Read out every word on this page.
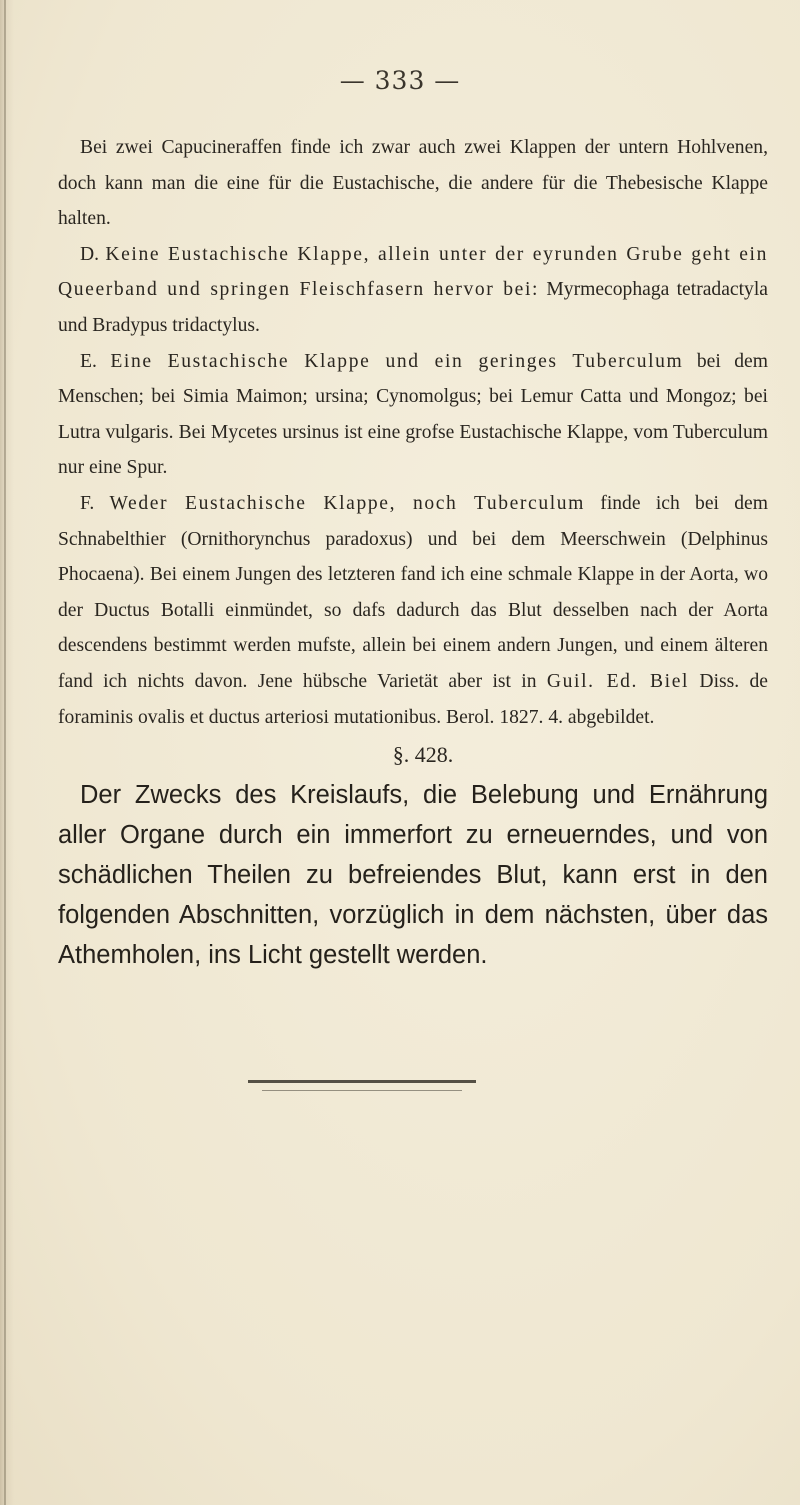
— 333 —

Bei zwei Capucineraffen finde ich zwar auch zwei Klappen der untern Hohlvenen, doch kann man die eine für die Eustachische, die andere für die Thebesische Klappe halten.

D. Keine Eustachische Klappe, allein unter der eyrunden Grube geht ein Queerband und springen Fleischfasern hervor bei: Myrmecophaga tetradactyla und Bradypus tridactylus.

E. Eine Eustachische Klappe und ein geringes Tuberculum bei dem Menschen; bei Simia Maimon; ursina; Cynomolgus; bei Lemur Catta und Mongoz; bei Lutra vulgaris. Bei Mycetes ursinus ist eine grofse Eustachische Klappe, vom Tuberculum nur eine Spur.

F. Weder Eustachische Klappe, noch Tuberculum finde ich bei dem Schnabelthier (Ornithorynchus paradoxus) und bei dem Meerschwein (Delphinus Phocaena). Bei einem Jungen des letzteren fand ich eine schmale Klappe in der Aorta, wo der Ductus Botalli einmündet, so dafs dadurch das Blut desselben nach der Aorta descendens bestimmt werden mufste, allein bei einem andern Jungen, und einem älteren fand ich nichts davon. Jene hübsche Varietät aber ist in Guil. Ed. Biel Diss. de foraminis ovalis et ductus arteriosi mutationibus. Berol. 1827. 4. abgebildet.

§. 428.

Der Zwecks des Kreislaufs, die Belebung und Ernährung aller Organe durch ein immerfort zu erneuerndes, und von schädlichen Theilen zu befreiendes Blut, kann erst in den folgenden Abschnitten, vorzüglich in dem nächsten, über das Athemholen, ins Licht gestellt werden.
